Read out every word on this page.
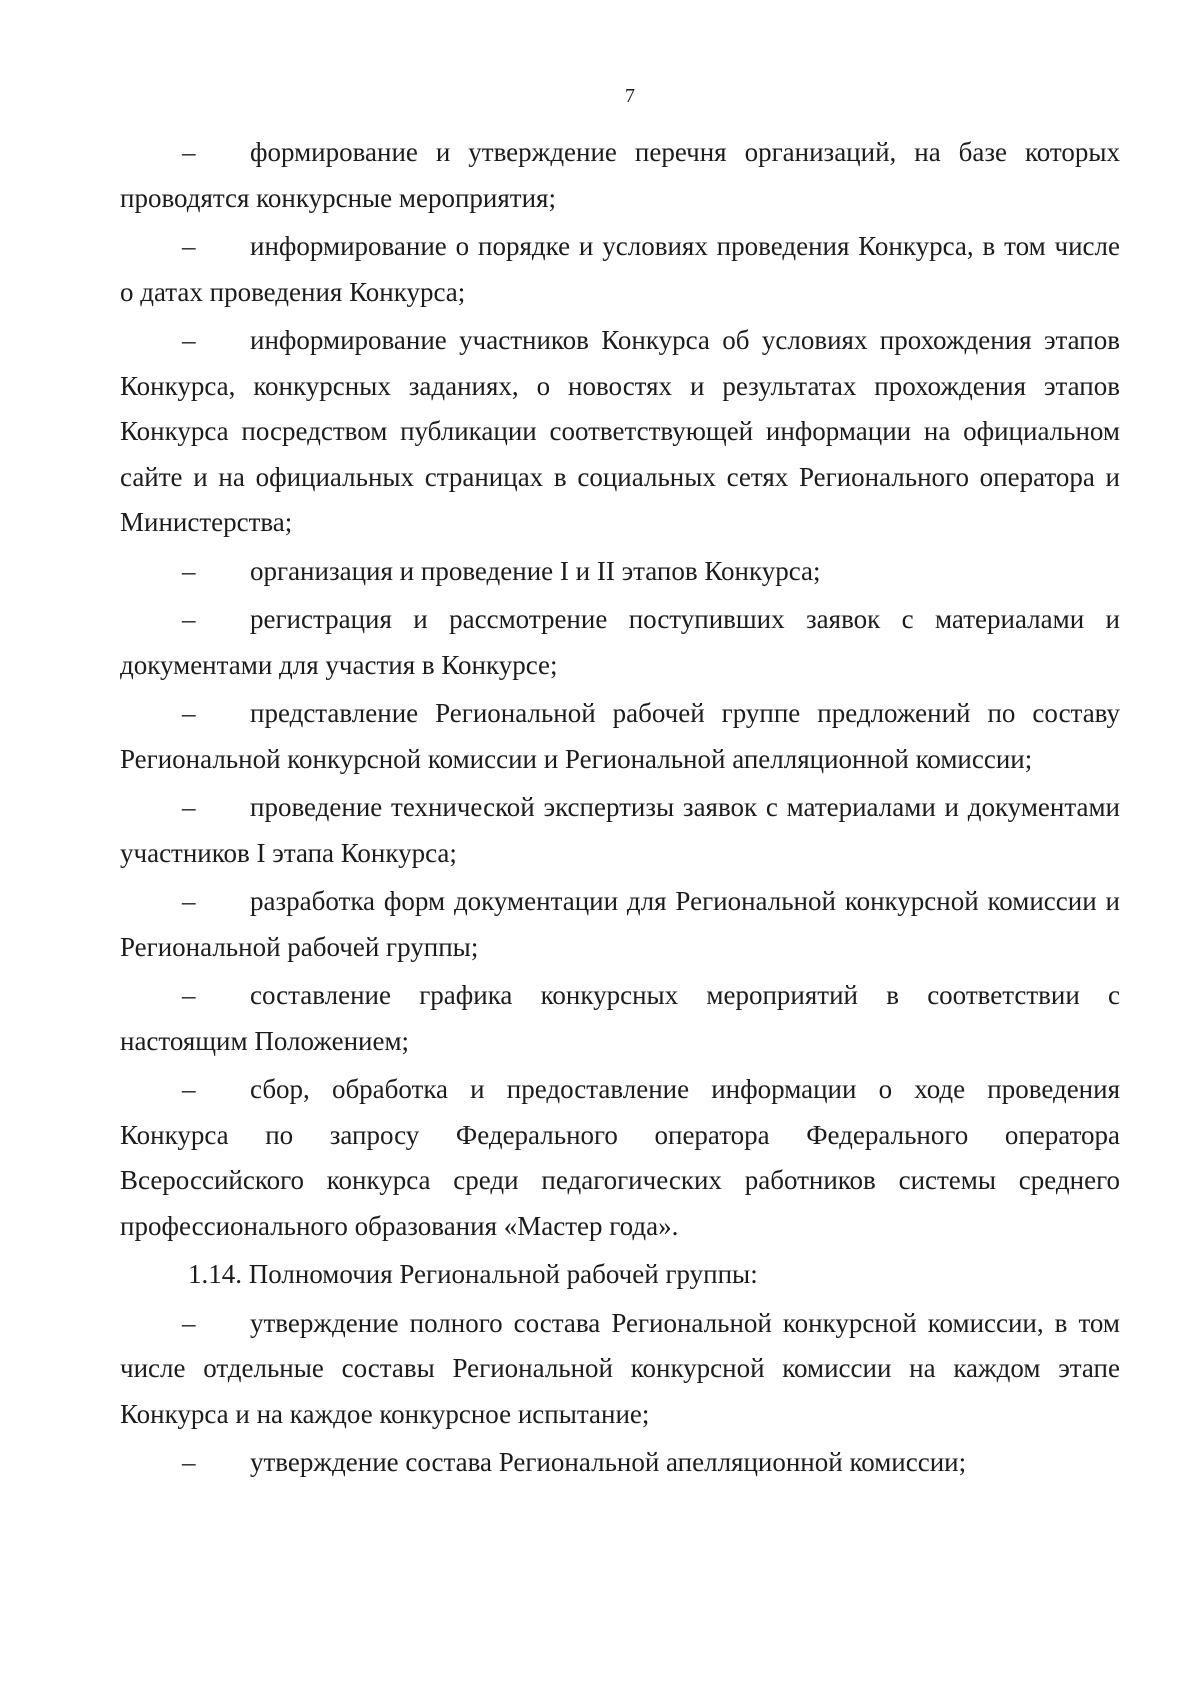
7

– формирование и утверждение перечня организаций, на базе которых проводятся конкурсные мероприятия;

– информирование о порядке и условиях проведения Конкурса, в том числе о датах проведения Конкурса;

– информирование участников Конкурса об условиях прохождения этапов Конкурса, конкурсных заданиях, о новостях и результатах прохождения этапов Конкурса посредством публикации соответствующей информации на официальном сайте и на официальных страницах в социальных сетях Регионального оператора и Министерства;

– организация и проведение I и II этапов Конкурса;

– регистрация и рассмотрение поступивших заявок с материалами и документами для участия в Конкурсе;

– представление Региональной рабочей группе предложений по составу Региональной конкурсной комиссии и Региональной апелляционной комиссии;

– проведение технической экспертизы заявок с материалами и документами участников I этапа Конкурса;

– разработка форм документации для Региональной конкурсной комиссии и Региональной рабочей группы;

– составление графика конкурсных мероприятий в соответствии с настоящим Положением;

– сбор, обработка и предоставление информации о ходе проведения Конкурса по запросу Федерального оператора Федерального оператора Всероссийского конкурса среди педагогических работников системы среднего профессионального образования «Мастер года».

1.14. Полномочия Региональной рабочей группы:

– утверждение полного состава Региональной конкурсной комиссии, в том числе отдельные составы Региональной конкурсной комиссии на каждом этапе Конкурса и на каждое конкурсное испытание;

– утверждение состава Региональной апелляционной комиссии;
